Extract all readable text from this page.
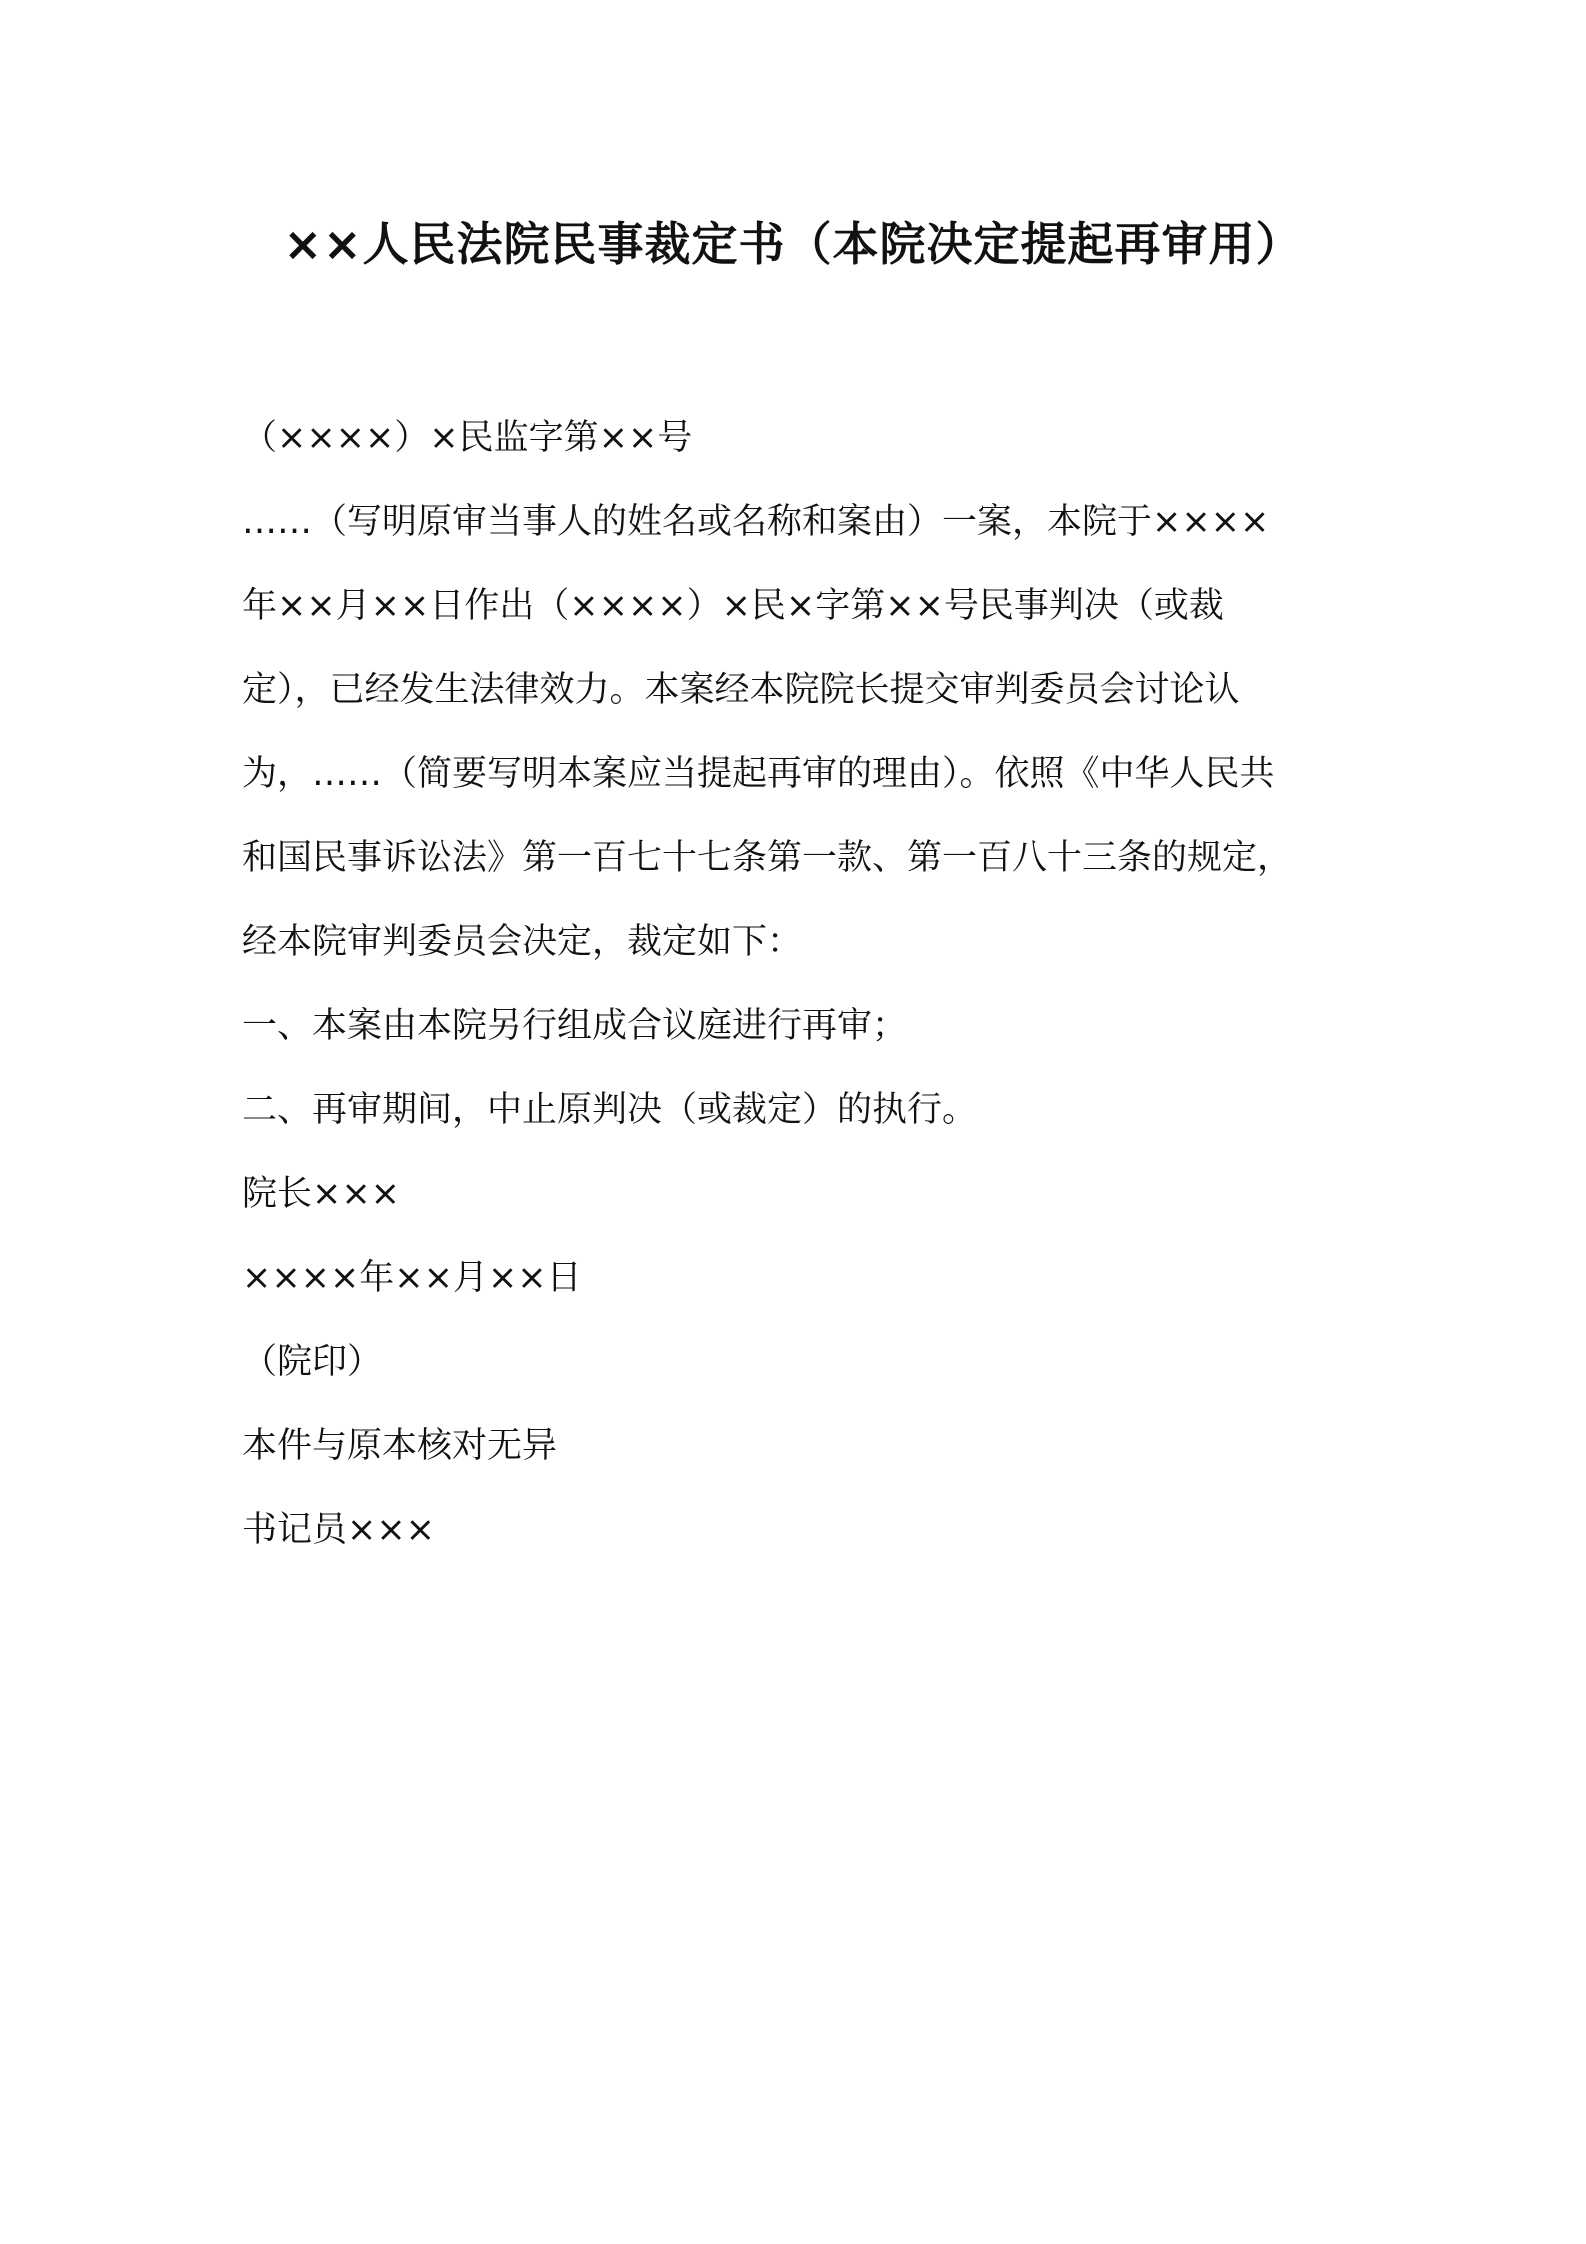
××人民法院民事裁定书（本院决定提起再审用）
（××××）×民监字第××号
……（写明原审当事人的姓名或名称和案由）一案，本院于××××
年××月××日作出（××××）×民×字第××号民事判决（或裁
定），已经发生法律效力。本案经本院院长提交审判委员会讨论认
为，……（简要写明本案应当提起再审的理由）。依照《中华人民共
和国民事诉讼法》第一百七十七条第一款、第一百八十三条的规定，
经本院审判委员会决定，裁定如下：
一、本案由本院另行组成合议庭进行再审；
二、再审期间，中止原判决（或裁定）的执行。
院长×××
××××年××月××日
（院印）
本件与原本核对无异
书记员×××
